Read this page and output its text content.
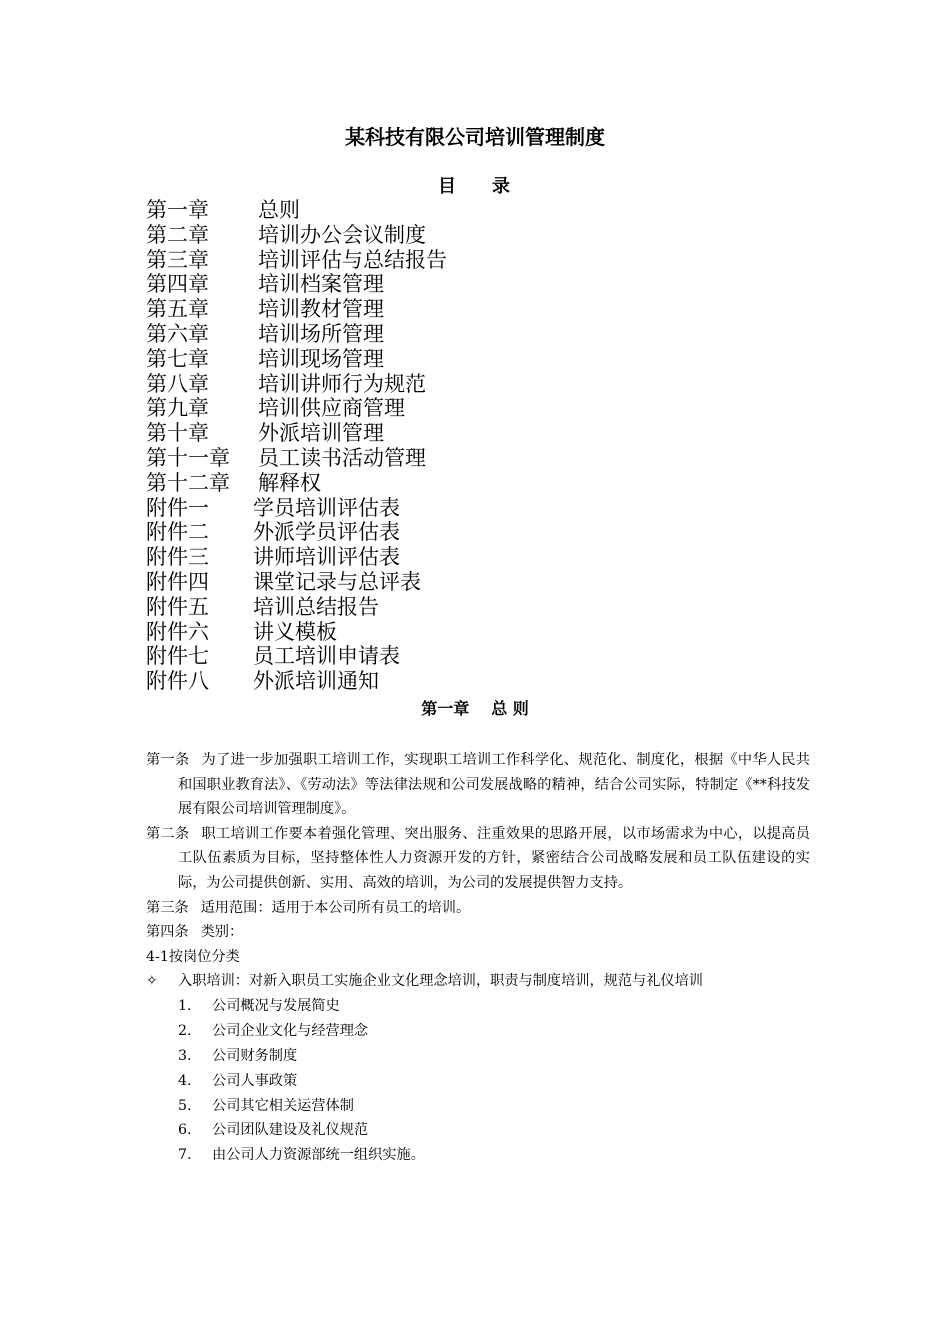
某科技有限公司培训管理制度
目 录
第一章 总则
第二章 培训办公会议制度
第三章 培训评估与总结报告
第四章 培训档案管理
第五章 培训教材管理
第六章 培训场所管理
第七章 培训现场管理
第八章 培训讲师行为规范
第九章 培训供应商管理
第十章 外派培训管理
第十一章 员工读书活动管理
第十二章 解释权
附件一 学员培训评估表
附件二 外派学员评估表
附件三 讲师培训评估表
附件四 课堂记录与总评表
附件五 培训总结报告
附件六 讲义模板
附件七 员工培训申请表
附件八 外派培训通知
第一章 总 则

第一条 为了进一步加强职工培训工作，实现职工培训工作科学化、规范化、制度化，根据《中华人民共和国职业教育法》、《劳动法》等法律法规和公司发展战略的精神，结合公司实际，特制定《**科技发展有限公司培训管理制度》。

第二条 职工培训工作要本着强化管理、突出服务、注重效果的思路开展，以市场需求为中心，以提高员工队伍素质为目标，坚持整体性人力资源开发的方针，紧密结合公司战略发展和员工队伍建设的实际，为公司提供创新、实用、高效的培训，为公司的发展提供智力支持。

第三条 适用范围：适用于本公司所有员工的培训。

第四条 类别：

4-1按岗位分类

✧ 入职培训：对新入职员工实施企业文化理念培训，职责与制度培训，规范与礼仪培训

1. 公司概况与发展简史
2. 公司企业文化与经营理念
3. 公司财务制度
4. 公司人事政策
5. 公司其它相关运营体制
6. 公司团队建设及礼仪规范
7. 由公司人力资源部统一组织实施。
